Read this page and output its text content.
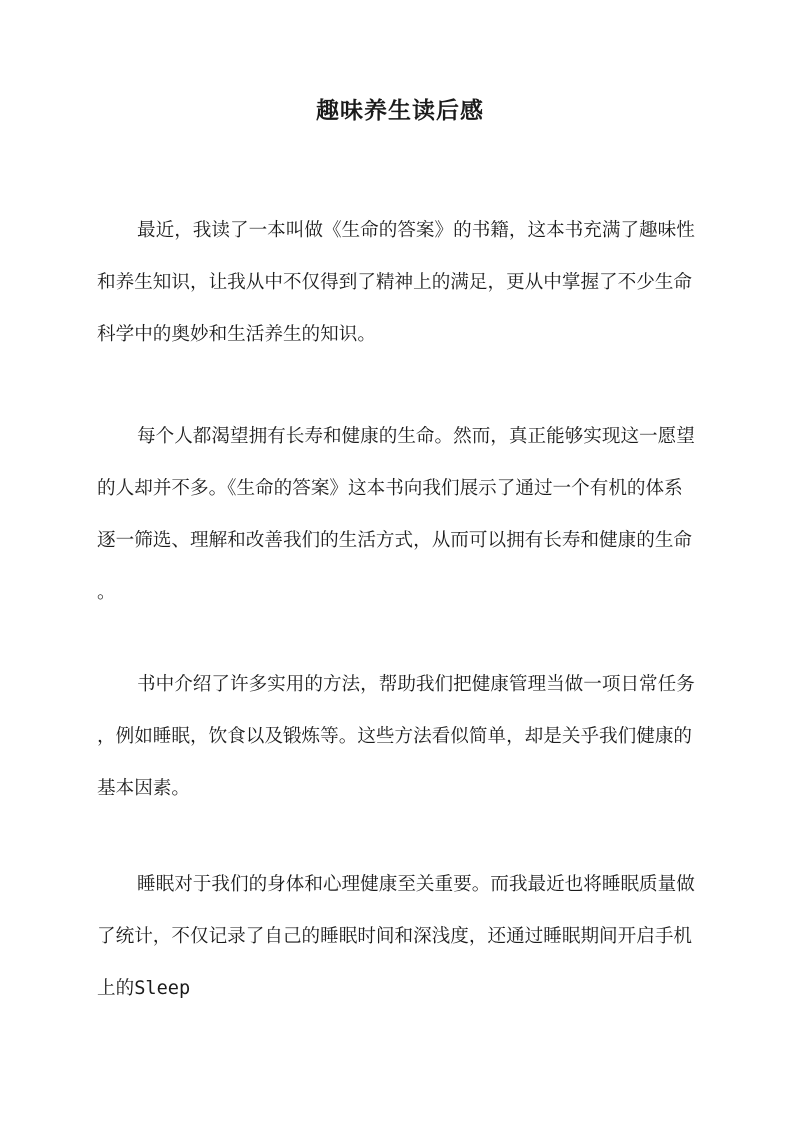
趣味养生读后感
最近，我读了一本叫做《生命的答案》的书籍，这本书充满了趣味性
和养生知识，让我从中不仅得到了精神上的满足，更从中掌握了不少生命
科学中的奥妙和生活养生的知识。
每个人都渴望拥有长寿和健康的生命。然而，真正能够实现这一愿望
的人却并不多。《生命的答案》这本书向我们展示了通过一个有机的体系
逐一筛选、理解和改善我们的生活方式，从而可以拥有长寿和健康的生命
。
书中介绍了许多实用的方法，帮助我们把健康管理当做一项日常任务
，例如睡眠，饮食以及锻炼等。这些方法看似简单，却是关乎我们健康的
基本因素。
睡眠对于我们的身体和心理健康至关重要。而我最近也将睡眠质量做
了统计，不仅记录了自己的睡眠时间和深浅度，还通过睡眠期间开启手机
上的Sleep
